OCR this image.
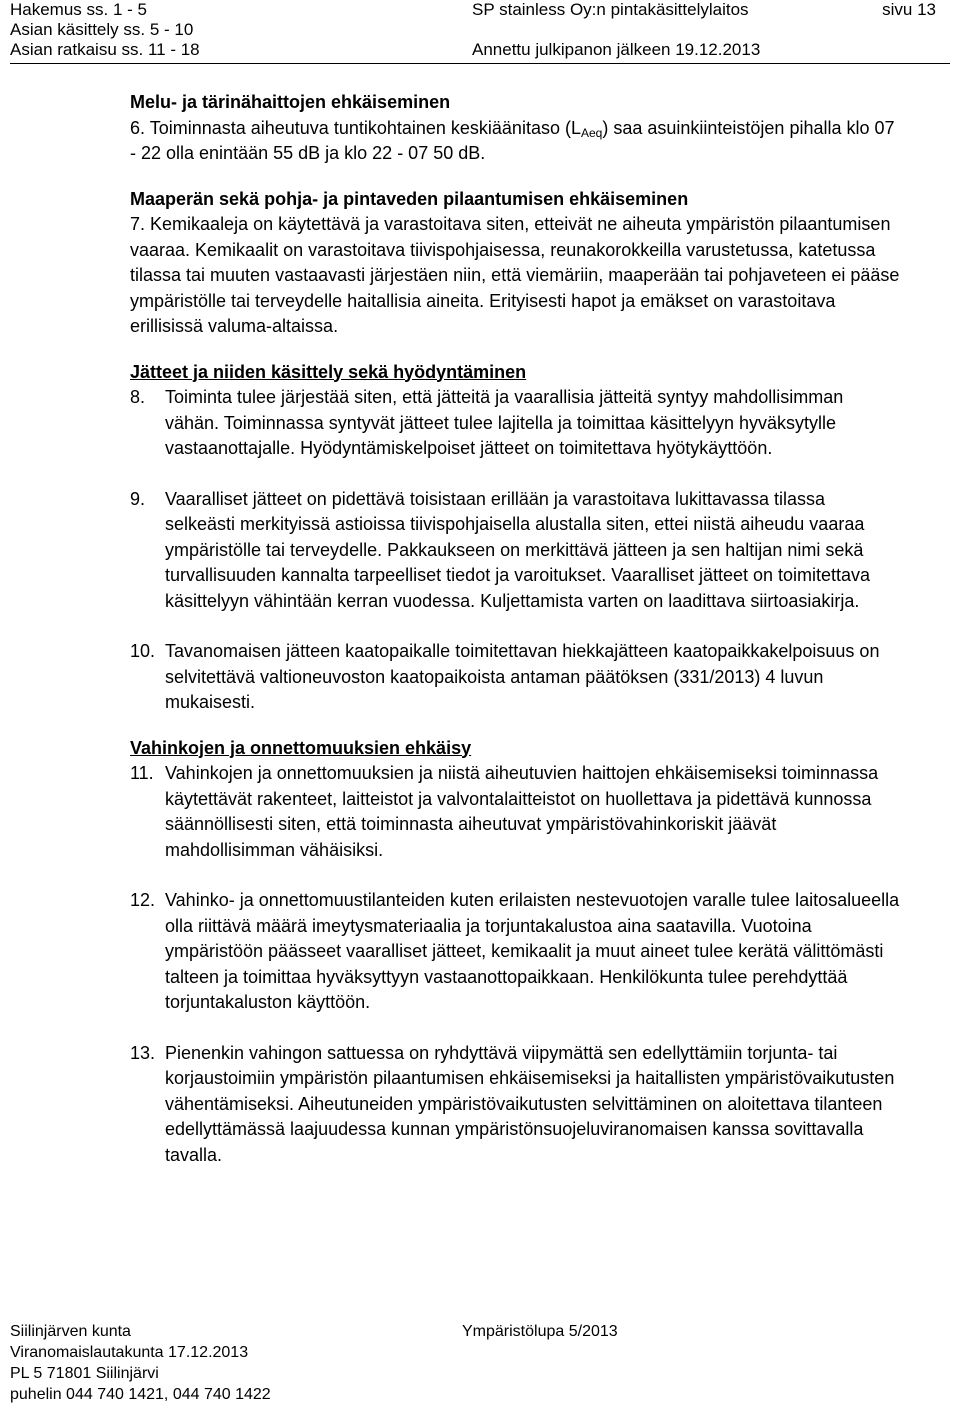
Hakemus ss. 1 - 5
Asian käsittely ss. 5 - 10
Asian ratkaisu ss. 11 - 18
SP stainless Oy:n pintakäsittelylaitos

Annettu julkipanon jälkeen 19.12.2013
sivu 13

Melu- ja tärinähaittojen ehkäiseminen

6. Toiminnasta aiheutuva tuntikohtainen keskiäänitaso $(L_{Aeq})$ saa asuinkiinteistöjen pihalla klo 07 - 22 olla enintään 55 dB ja klo 22 - 07 50 dB.

Maaperän sekä pohja- ja pintaveden pilaantumisen ehkäiseminen

7. Kemikaaleja on käytettävä ja varastoitava siten, etteivät ne aiheuta ympäristön pilaantumisen vaaraa. Kemikaalit on varastoitava tiivispohjaisessa, reunakorokkeilla varustetussa, katetussa tilassa tai muuten vastaavasti järjestäen niin, että viemäriin, maaperään tai pohjaveteen ei pääse ympäristölle tai terveydelle haitallisia aineita. Erityisesti hapot ja emäkset on varastoitava erillisissä valuma-altaissa.

Jätteet ja niiden käsittely sekä hyödyntäminen

8. Toiminta tulee järjestää siten, että jätteitä ja vaarallisia jätteitä syntyy mahdollisimman vähän. Toiminnassa syntyvät jätteet tulee lajitella ja toimittaa käsittelyyn hyväksytylle vastaanottajalle. Hyödyntämiskelpoiset jätteet on toimitettava hyötykäyttöön.

9. Vaaralliset jätteet on pidettävä toisistaan erillään ja varastoitava lukittavassa tilassa selkeästi merkityissä astioissa tiivispohjaisella alustalla siten, ettei niistä aiheudu vaaraa ympäristölle tai terveydelle. Pakkaukseen on merkittävä jätteen ja sen haltijan nimi sekä turvallisuuden kannalta tarpeelliset tiedot ja varoitukset. Vaaralliset jätteet on toimitettava käsittelyyn vähintään kerran vuodessa. Kuljettamista varten on laadittava siirtoasiakirja.

10. Tavanomaisen jätteen kaatopaikalle toimitettavan hiekkajätteen kaatopaikkakelpoisuus on selvitettävä valtioneuvoston kaatopaikoista antaman päätöksen (331/2013) 4 luvun mukaisesti.

Vahinkojen ja onnettomuuksien ehkäisy

11. Vahinkojen ja onnettomuuksien ja niistä aiheutuvien haittojen ehkäisemiseksi toiminnassa käytettävät rakenteet, laitteistot ja valvontalaitteistot on huollettava ja pidettävä kunnossa säännöllisesti siten, että toiminnasta aiheutuvat ympäristövahinkoriskit jäävät mahdollisimman vähäisiksi.

12. Vahinko- ja onnettomuustilanteiden kuten erilaisten nestevuotojen varalle tulee laitosalueella olla riittävä määrä imeytysmateriaalia ja torjuntakalustoa aina saatavilla. Vuotoina ympäristöön päässeet vaaralliset jätteet, kemikaalit ja muut aineet tulee kerätä välittömästi talteen ja toimittaa hyväksyttyyn vastaanottopaikkaan. Henkilökunta tulee perehdyttää torjuntakaluston käyttöön.

13. Pienenkin vahingon sattuessa on ryhdyttävä viipymättä sen edellyttämiin torjunta- tai korjaustoimiin ympäristön pilaantumisen ehkäisemiseksi ja haitallisten ympäristövaikutusten vähentämiseksi. Aiheutuneiden ympäristövaikutusten selvittäminen on aloitettava tilanteen edellyttämässä laajuudessa kunnan ympäristönsuojeluviranomaisen kanssa sovittavalla tavalla.

Siilinjärven kunta
Viranomaislautakunta 17.12.2013
PL 5 71801 Siilinjärvi
puhelin 044 740 1421, 044 740 1422
Ympäristölupa 5/2013
